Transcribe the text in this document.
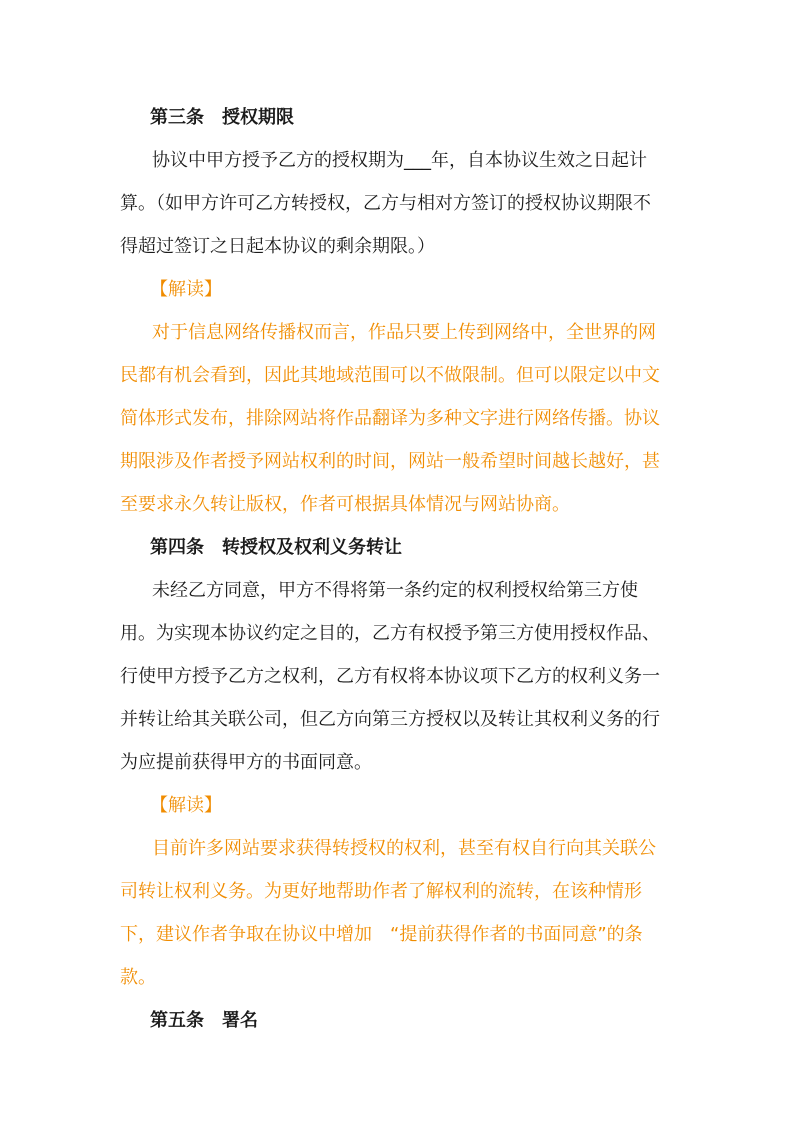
第三条　授权期限
协议中甲方授予乙方的授权期为___年，自本协议生效之日起计
算。（如甲方许可乙方转授权，乙方与相对方签订的授权协议期限不
得超过签订之日起本协议的剩余期限。）
【解读】
对于信息网络传播权而言，作品只要上传到网络中，全世界的网
民都有机会看到，因此其地域范围可以不做限制。但可以限定以中文
简体形式发布，排除网站将作品翻译为多种文字进行网络传播。协议
期限涉及作者授予网站权利的时间，网站一般希望时间越长越好，甚
至要求永久转让版权，作者可根据具体情况与网站协商。
第四条　转授权及权利义务转让
未经乙方同意，甲方不得将第一条约定的权利授权给第三方使
用。为实现本协议约定之目的，乙方有权授予第三方使用授权作品、
行使甲方授予乙方之权利，乙方有权将本协议项下乙方的权利义务一
并转让给其关联公司，但乙方向第三方授权以及转让其权利义务的行
为应提前获得甲方的书面同意。
【解读】
目前许多网站要求获得转授权的权利，甚至有权自行向其关联公
司转让权利义务。为更好地帮助作者了解权利的流转，在该种情形
下，建议作者争取在协议中增加　“提前获得作者的书面同意”的条
款。
第五条　署名
